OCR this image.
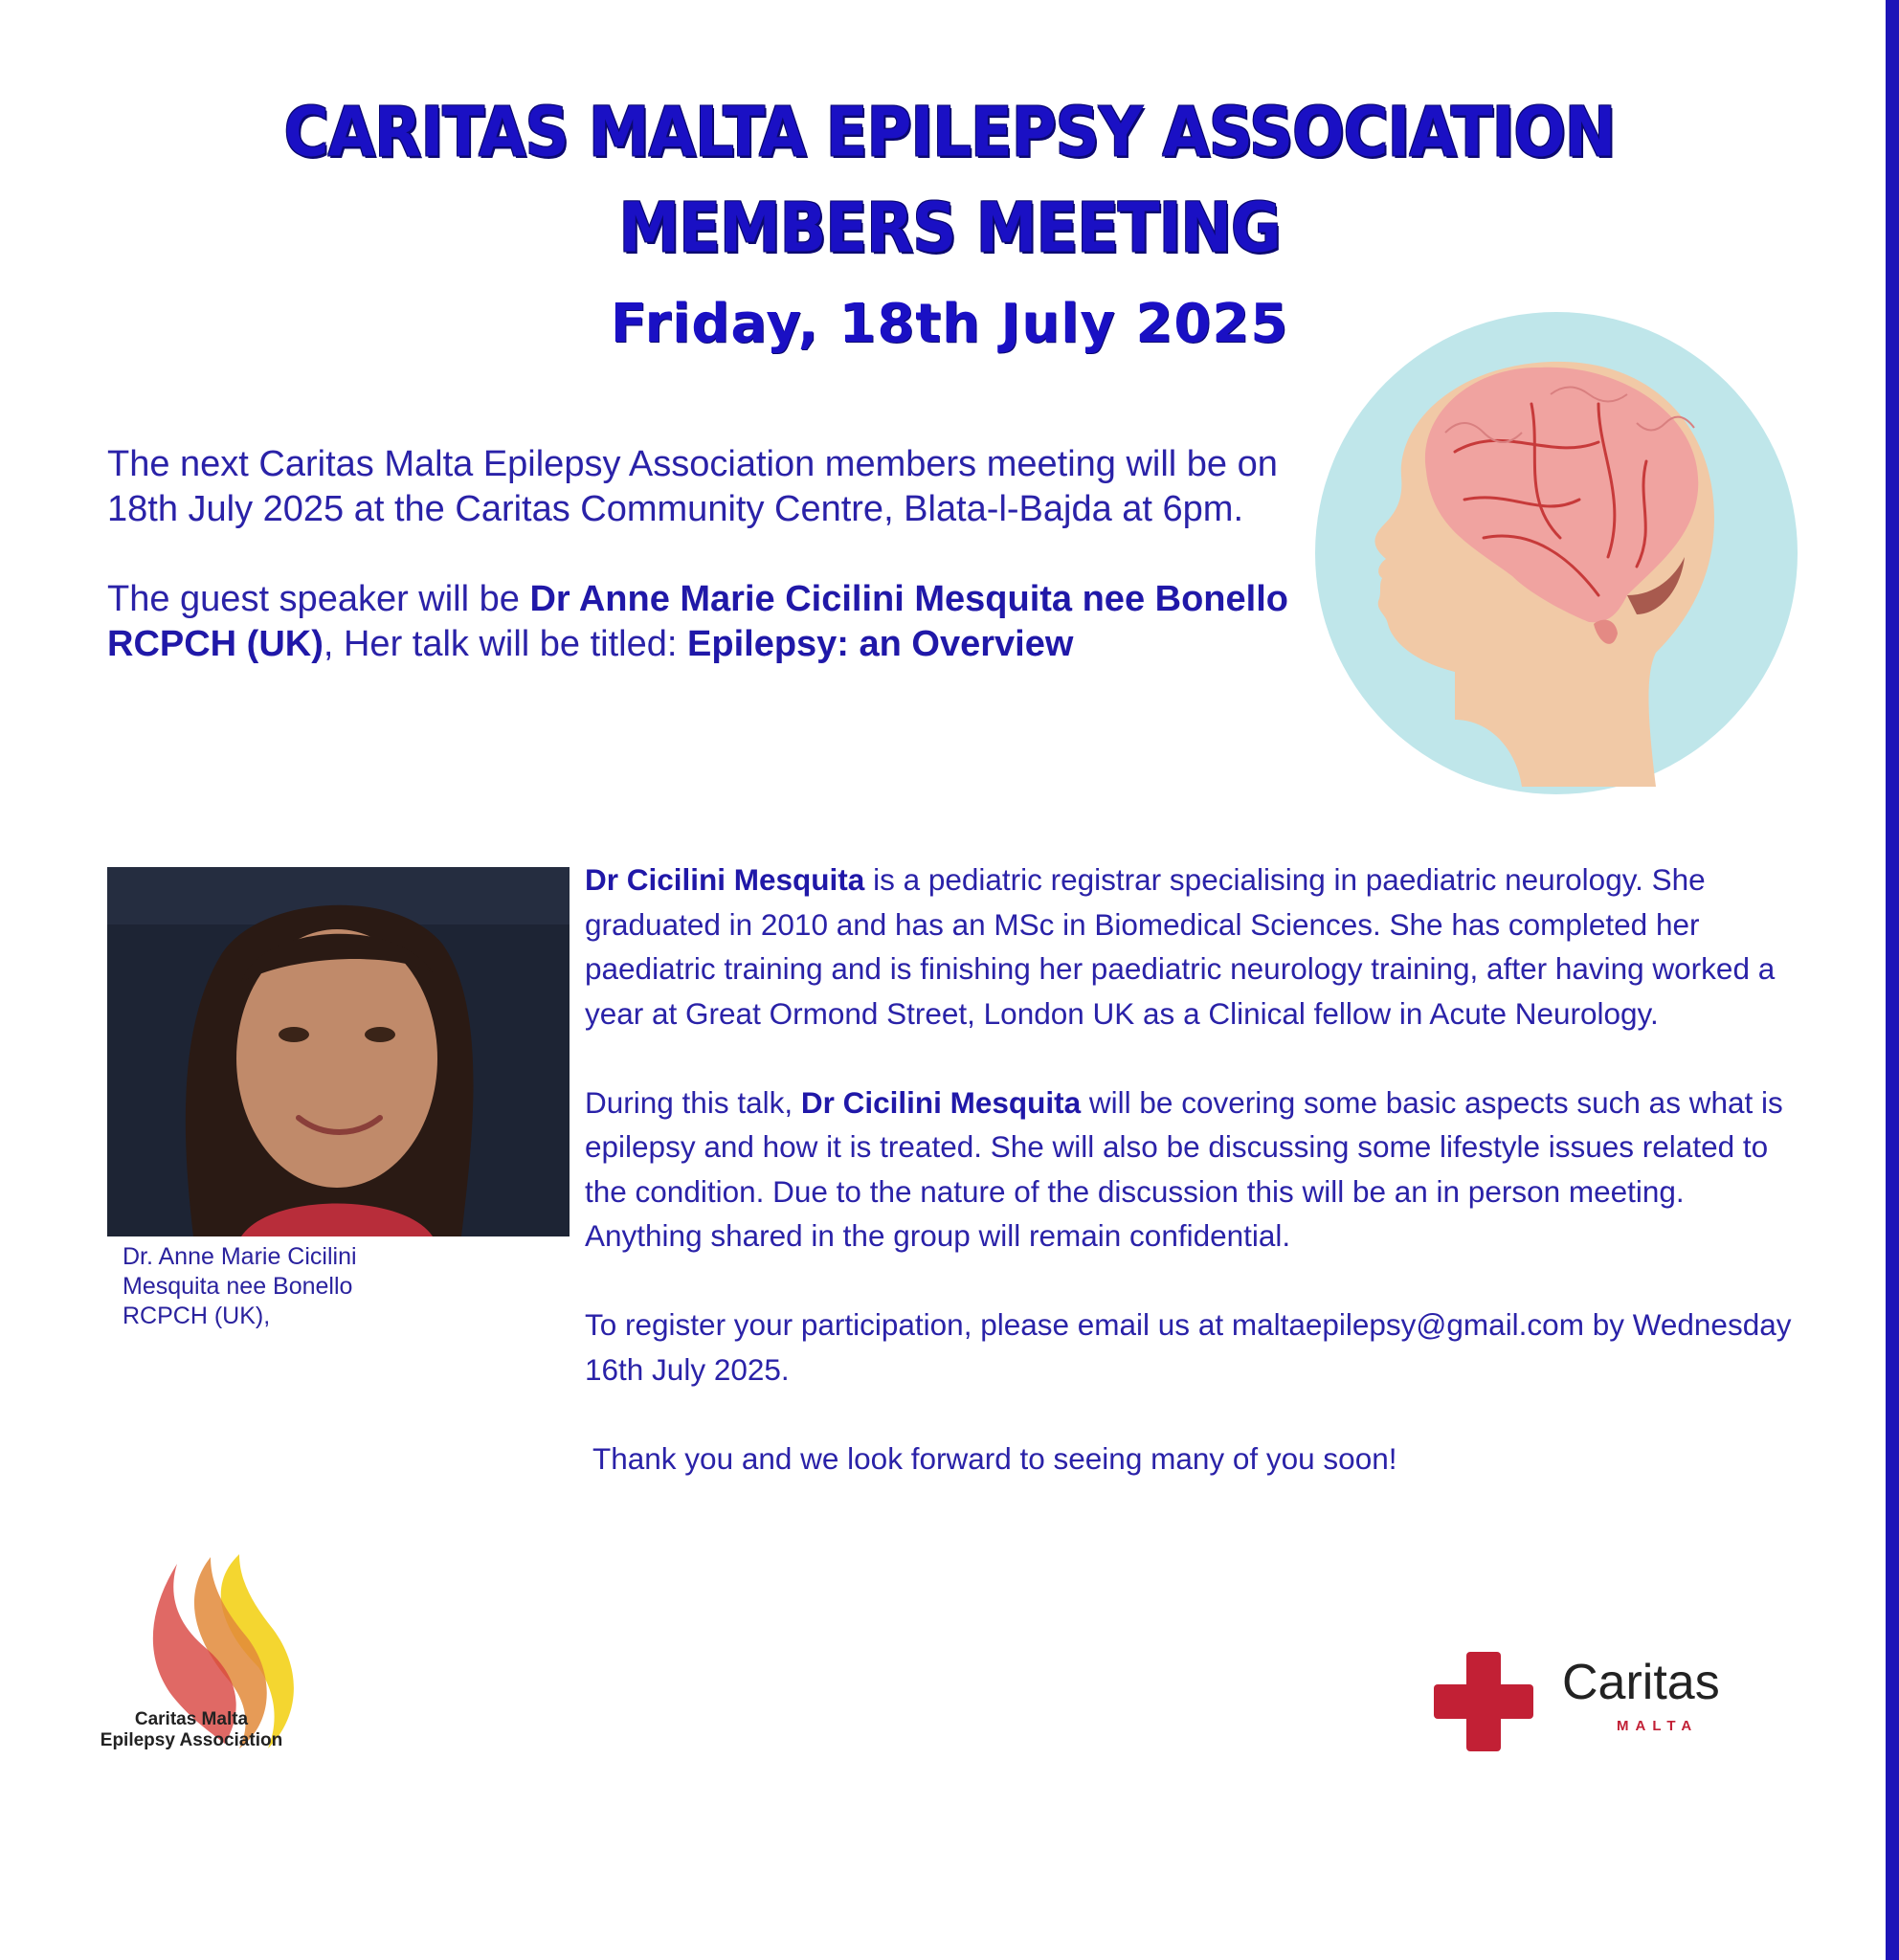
CARITAS MALTA EPILEPSY ASSOCIATION
MEMBERS MEETING
Friday, 18th July 2025

The next Caritas Malta Epilepsy Association members meeting will be on 18th July 2025 at the Caritas Community Centre, Blata-l-Bajda at 6pm.

The guest speaker will be Dr Anne Marie Cicilini Mesquita nee Bonello RCPCH (UK), Her talk will be titled: Epilepsy: an Overview

Dr. Anne Marie Cicilini Mesquita nee Bonello RCPCH (UK),

Dr Cicilini Mesquita is a pediatric registrar specialising in paediatric neurology. She graduated in 2010 and has an MSc in Biomedical Sciences. She has completed her paediatric training and is finishing her paediatric neurology training, after having worked a year at Great Ormond Street, London UK as a Clinical fellow in Acute Neurology.

During this talk, Dr Cicilini Mesquita will be covering some basic aspects such as what is epilepsy and how it is treated. She will also be discussing some lifestyle issues related to the condition. Due to the nature of the discussion this will be an in person meeting. Anything shared in the group will remain confidential.

To register your participation, please email us at maltaepilepsy@gmail.com by Wednesday 16th July 2025.

Thank you and we look forward to seeing many of you soon!

Caritas Malta
Epilepsy Association
Caritas
MALTA
